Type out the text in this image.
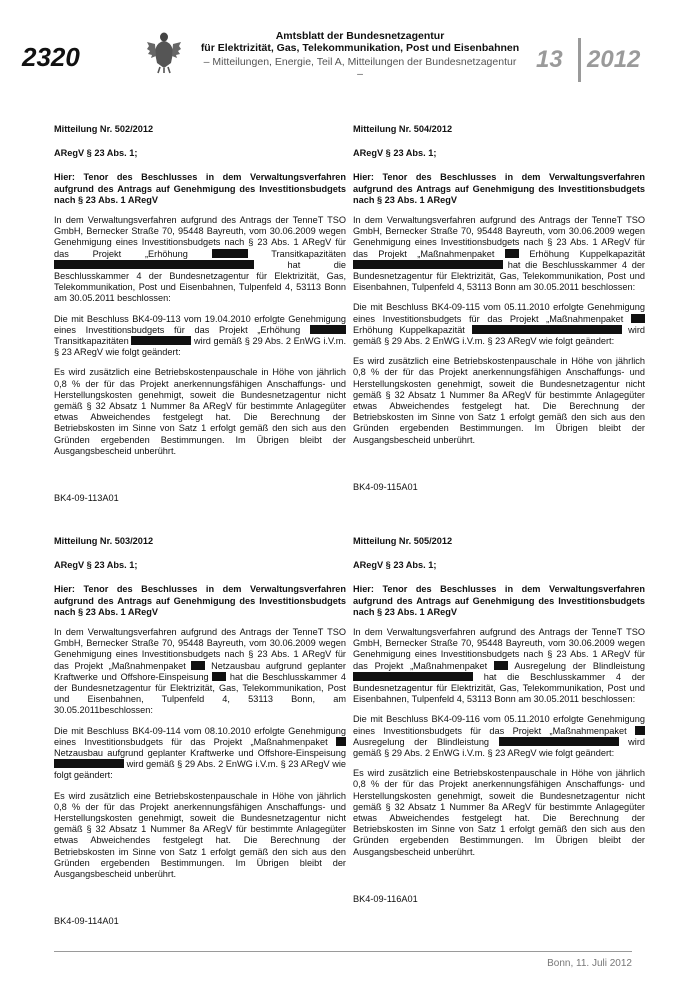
2320
Amtsblatt der Bundesnetzagentur
für Elektrizität, Gas, Telekommunikation, Post und Eisenbahnen
– Mitteilungen, Energie, Teil A, Mitteilungen der Bundesnetzagentur –
13 2012

Mitteilung Nr. 502/2012

ARegV § 23 Abs. 1;

Hier: Tenor des Beschlusses in dem Verwaltungsverfahren aufgrund des Antrags auf Genehmigung des Investitionsbudgets nach § 23 Abs. 1 ARegV

In dem Verwaltungsverfahren aufgrund des Antrags der TenneT TSO GmbH, Bernecker Straße 70, 95448 Bayreuth, vom 30.06.2009 wegen Genehmigung eines Investitionsbudgets nach § 23 Abs. 1 ARegV für das Projekt „Erhöhung	Transitkapazitäten  hat die Beschlusskammer 4 der Bundesnetzagentur für Elektrizität, Gas, Telekommunikation, Post und Eisenbahnen, Tulpenfeld 4, 53113 Bonn am 30.05.2011 beschlossen:

Die mit Beschluss BK4-09-113 vom 19.04.2010 erfolgte Genehmigung eines Investitionsbudgets für das Projekt „Erhöhung  Transitkapazitäten	wird gemäß § 29 Abs. 2 EnWG i.V.m. § 23 ARegV wie folgt geändert:

Es wird zusätzlich eine Betriebskostenpauschale in Höhe von jährlich 0,8 % der für das Projekt anerkennungsfähigen Anschaffungs- und Herstellungskosten genehmigt, soweit die Bundesnetzagentur nicht gemäß § 32 Absatz 1 Nummer 8a ARegV für bestimmte Anlagegüter etwas Abweichendes festgelegt hat. Die Berechnung der Betriebskosten im Sinne von Satz 1 erfolgt gemäß den sich aus den Gründen ergebenden Bestimmungen. Im Übrigen bleibt der Ausgangsbescheid unberührt.

BK4-09-113A01

Mitteilung Nr. 504/2012

ARegV § 23 Abs. 1;

Hier: Tenor des Beschlusses in dem Verwaltungsverfahren aufgrund des Antrags auf Genehmigung des Investitionsbudgets nach § 23 Abs. 1 ARegV

In dem Verwaltungsverfahren aufgrund des Antrags der TenneT TSO GmbH, Bernecker Straße 70, 95448 Bayreuth, vom 30.06.2009 wegen Genehmigung eines Investitionsbudgets nach § 23 Abs. 1 ARegV für das Projekt „Maßnahmenpaket	Erhöhung Kuppelkapazität  hat die Beschlusskammer 4 der Bundesnetzagentur für Elektrizität, Gas, Telekommunikation, Post und Eisenbahnen, Tulpenfeld 4, 53113 Bonn am 30.05.2011 beschlossen:

Die mit Beschluss BK4-09-115 vom 05.11.2010 erfolgte Genehmigung eines Investitionsbudgets für das Projekt „Maßnahmenpaket  Erhöhung Kuppelkapazität	wird gemäß § 29 Abs. 2 EnWG i.V.m. § 23 ARegV wie folgt geändert:

Es wird zusätzlich eine Betriebskostenpauschale in Höhe von jährlich 0,8 % der für das Projekt anerkennungsfähigen Anschaffungs- und Herstellungskosten genehmigt, soweit die Bundesnetzagentur nicht gemäß § 32 Absatz 1 Nummer 8a ARegV für bestimmte Anlagegüter etwas Abweichendes festgelegt hat. Die Berechnung der Betriebskosten im Sinne von Satz 1 erfolgt gemäß den sich aus den Gründen ergebenden Bestimmungen. Im Übrigen bleibt der Ausgangsbescheid unberührt.

BK4-09-115A01

Mitteilung Nr. 503/2012

ARegV § 23 Abs. 1;

Hier: Tenor des Beschlusses in dem Verwaltungsverfahren aufgrund des Antrags auf Genehmigung des Investitionsbudgets nach § 23 Abs. 1 ARegV

In dem Verwaltungsverfahren aufgrund des Antrags der TenneT TSO GmbH, Bernecker Straße 70, 95448 Bayreuth, vom 30.06.2009 wegen Genehmigung eines Investitionsbudgets nach § 23 Abs. 1 ARegV für das Projekt „Maßnahmenpaket	Netzausbau aufgrund geplanter Kraftwerke und Offshore-Einspeisung hat die Beschlusskammer 4 der Bundesnetzagentur für Elektrizität, Gas, Telekommunikation, Post und Eisenbahnen, Tulpenfeld 4, 53113 Bonn, am 30.05.2011beschlossen:

Die mit Beschluss BK4-09-114 vom 08.10.2010 erfolgte Genehmigung eines Investitionsbudgets für das Projekt „Maßnahmenpaket  Netzausbau aufgrund geplanter Kraftwerke und Offshore-Einspeisung  wird gemäß § 29 Abs. 2 EnWG i.V.m. § 23 ARegV wie folgt geändert:

Es wird zusätzlich eine Betriebskostenpauschale in Höhe von jährlich 0,8 % der für das Projekt anerkennungsfähigen Anschaffungs- und Herstellungskosten genehmigt, soweit die Bundesnetzagentur nicht gemäß § 32 Absatz 1 Nummer 8a ARegV für bestimmte Anlagegüter etwas Abweichendes festgelegt hat. Die Berechnung der Betriebskosten im Sinne von Satz 1 erfolgt gemäß den sich aus den Gründen ergebenden Bestimmungen. Im Übrigen bleibt der Ausgangsbescheid unberührt.

BK4-09-114A01

Mitteilung Nr. 505/2012

ARegV § 23 Abs. 1;

Hier: Tenor des Beschlusses in dem Verwaltungsverfahren aufgrund des Antrags auf Genehmigung des Investitionsbudgets nach § 23 Abs. 1 ARegV

In dem Verwaltungsverfahren aufgrund des Antrags der TenneT TSO GmbH, Bernecker Straße 70, 95448 Bayreuth, vom 30.06.2009 wegen Genehmigung eines Investitionsbudgets nach § 23 Abs. 1 ARegV für das Projekt „Maßnahmenpaket	Ausregelung der Blindleistung  hat die Beschlusskammer 4 der Bundesnetzagentur für Elektrizität, Gas, Telekommunikation, Post und Eisenbahnen, Tulpenfeld 4, 53113 Bonn am 30.05.2011 beschlossen:

Die mit Beschluss BK4-09-116 vom 05.11.2010 erfolgte Genehmigung eines Investitionsbudgets für das Projekt „Maßnahmenpaket  Ausregelung der Blindleistung	wird gemäß § 29 Abs. 2 EnWG i.V.m. § 23 ARegV wie folgt geändert:

Es wird zusätzlich eine Betriebskostenpauschale in Höhe von jährlich 0,8 % der für das Projekt anerkennungsfähigen Anschaffungs- und Herstellungskosten genehmigt, soweit die Bundesnetzagentur nicht gemäß § 32 Absatz 1 Nummer 8a ARegV für bestimmte Anlagegüter etwas Abweichendes festgelegt hat. Die Berechnung der Betriebskosten im Sinne von Satz 1 erfolgt gemäß den sich aus den Gründen ergebenden Bestimmungen. Im Übrigen bleibt der Ausgangsbescheid unberührt.

BK4-09-116A01

Bonn, 11. Juli 2012
